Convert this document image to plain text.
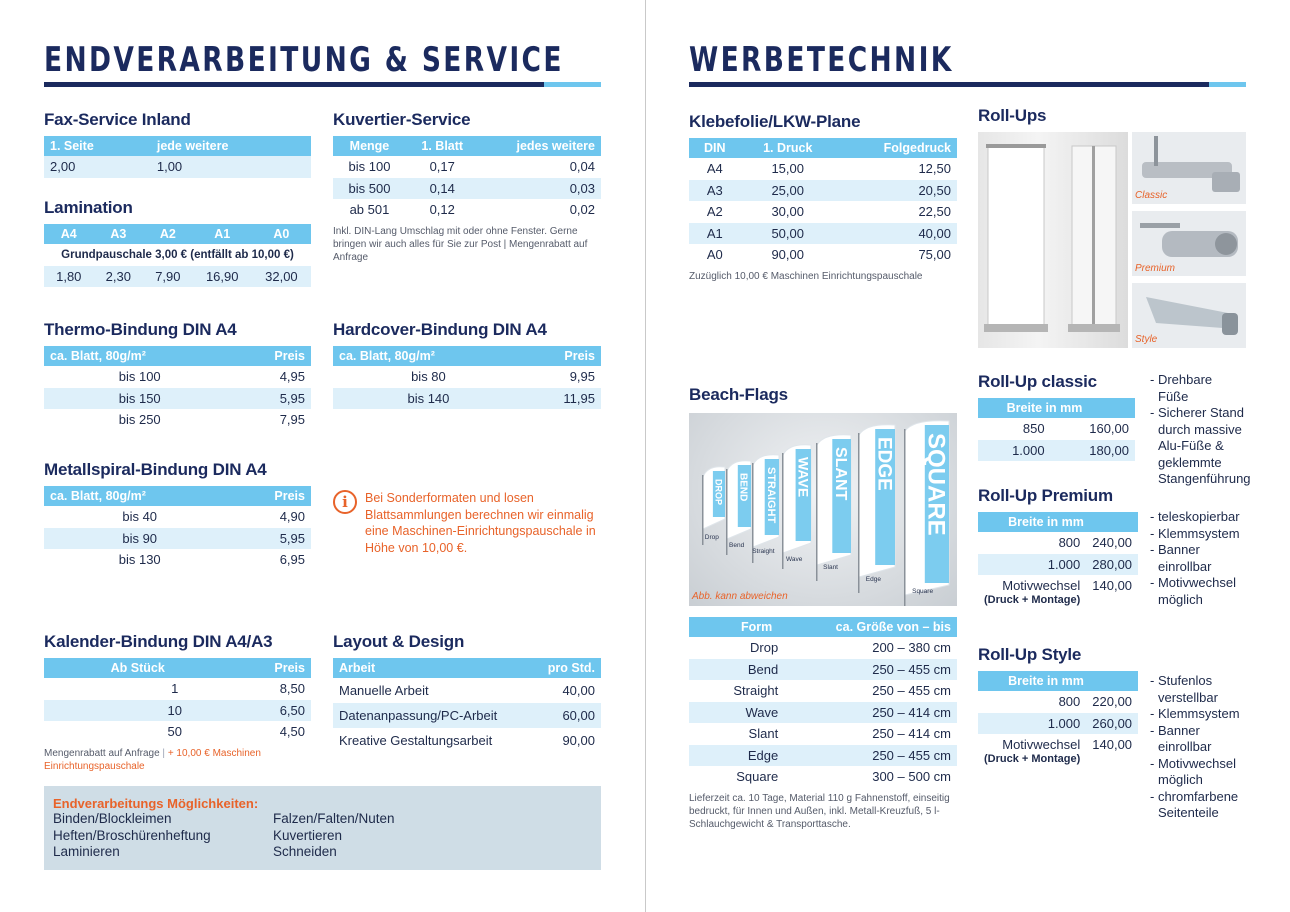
ENDVERARBEITUNG & SERVICE
Fax-Service Inland
1. Seite	jede weitere
2,00	1,00
Kuvertier-Service
Menge	1. Blatt	jedes weitere
bis 100	0,17	0,04
bis 500	0,14	0,03
ab 501	0,12	0,02
Inkl. DIN-Lang Umschlag mit oder ohne Fenster. Gerne bringen wir auch alles für Sie zur Post | Mengenrabatt auf Anfrage
Lamination
A4	A3	A2	A1	A0
Grundpauschale 3,00 € (entfällt ab 10,00 €)				
1,80	2,30	7,90	16,90	32,00
Thermo-Bindung DIN A4
ca. Blatt, 80g/m²	Preis
bis 100	4,95
bis 150	5,95
bis 250	7,95
Hardcover-Bindung DIN A4
ca. Blatt, 80g/m²	Preis
bis 80	9,95
bis 140	11,95
Metallspiral-Bindung DIN A4
ca. Blatt, 80g/m²	Preis
bis 40	4,90
bis 90	5,95
bis 130	6,95
i	Bei Sonderformaten und losen Blattsammlungen berechnen wir einmalig eine Maschinen-Einrichtungspauschale in Höhe von 10,00 €.
Kalender-Bindung DIN A4/A3
Ab Stück	Preis
1	8,50
10	6,50
50	4,50
Mengenrabatt auf Anfrage | + 10,00 € Maschinen Einrichtungspauschale
Layout & Design
Arbeit	pro Std.
Manuelle Arbeit	40,00
Datenanpassung/PC-Arbeit	60,00
Kreative Gestaltungsarbeit	90,00
Endverarbeitungs Möglichkeiten:
Binden/Blockleimen	Falzen/Falten/Nuten
Heften/Broschürenheftung	Kuvertieren
Laminieren	Schneiden
WERBETECHNIK
Klebefolie/LKW-Plane
DIN	1. Druck	Folgedruck
A4	15,00	12,50
A3	25,00	20,50
A2	30,00	22,50
A1	50,00	40,00
A0	90,00	75,00
Zuzüglich 10,00 € Maschinen Einrichtungspauschale
Roll-Ups
Classic
Premium
Style
Beach-Flags
DROP
Drop
BEND
Bend
STRAIGHT
Straight
WAVE
Wave
SLANT
Slant
EDGE
Edge
SQUARE
Square
Abb. kann abweichen
Form	ca. Größe von – bis
Drop	200 – 380 cm
Bend	250 – 455 cm
Straight	250 – 455 cm
Wave	250 – 414 cm
Slant	250 – 414 cm
Edge	250 – 455 cm
Square	300 – 500 cm
Lieferzeit ca. 10 Tage, Material 110 g Fahnenstoff, einseitig bedruckt, für Innen und Außen, inkl. Metall-Kreuzfuß, 5 l-Schlauchgewicht & Transporttasche.
Roll-Up classic
Breite in mm	
850	160,00
1.000	180,00
- Drehbare Füße
- Sicherer Stand durch massive Alu-Füße & geklemmte Stangenführung
Roll-Up Premium
Breite in mm	
800	240,00
1.000	280,00

Motivwechsel
(Druck + Montage)	140,00
- teleskopierbar
- Klemmsystem
- Banner einrollbar
- Motivwechsel möglich
Roll-Up Style
Breite in mm	
800	220,00
1.000	260,00

Motivwechsel
(Druck + Montage)	140,00
- Stufenlos verstellbar
- Klemmsystem
- Banner einrollbar
- Motivwechsel möglich
- chromfarbene Seitenteile
